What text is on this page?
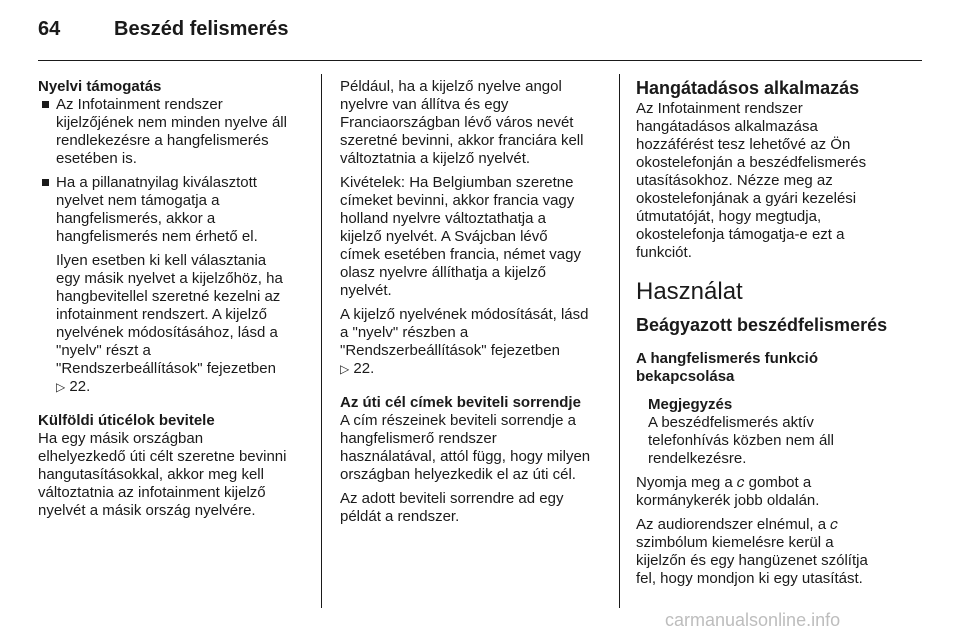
64	Beszéd felismerés
Nyelvi támogatás
Az Infotainment rendszer
kijelzőjének nem minden nyelve áll
rendlekezésre a hangfelismerés
esetében is.
Ha a pillanatnyilag kiválasztott
nyelvet nem támogatja a
hangfelismerés, akkor a
hangfelismerés nem érhető el.
Ilyen esetben ki kell választania
egy másik nyelvet a kijelzőhöz, ha
hangbevitellel szeretné kezelni az
infotainment rendszert. A kijelző
nyelvének módosításához, lásd a
"nyelv" részt a
"Rendszerbeállítások" fejezetben
▷ 22.
Külföldi úticélok bevitele
Ha egy másik országban
elhelyezkedő úti célt szeretne bevinni
hangutasításokkal, akkor meg kell
változtatnia az infotainment kijelző
nyelvét a másik ország nyelvére.
Például, ha a kijelző nyelve angol
nyelvre van állítva és egy
Franciaországban lévő város nevét
szeretné bevinni, akkor franciára kell
változtatnia a kijelző nyelvét.
Kivételek: Ha Belgiumban szeretne
címeket bevinni, akkor francia vagy
holland nyelvre változtathatja a
kijelző nyelvét. A Svájcban lévő
címek esetében francia, német vagy
olasz nyelvre állíthatja a kijelző
nyelvét.
A kijelző nyelvének módosítását, lásd
a "nyelv" részben a
"Rendszerbeállítások" fejezetben
▷ 22.
Az úti cél címek beviteli sorrendje
A cím részeinek beviteli sorrendje a
hangfelismerő rendszer
használatával, attól függ, hogy milyen
országban helyezkedik el az úti cél.
Az adott beviteli sorrendre ad egy
példát a rendszer.
Hangátadásos alkalmazás
Az Infotainment rendszer
hangátadásos alkalmazása
hozzáférést tesz lehetővé az Ön
okostelefonján a beszédfelismerés
utasításokhoz. Nézze meg az
okostelefonjának a gyári kezelési
útmutatóját, hogy megtudja,
okostelefonja támogatja-e ezt a
funkciót.
Használat
Beágyazott beszédfelismerés
A hangfelismerés funkció
bekapcsolása
Megjegyzés
A beszédfelismerés aktív
telefonhívás közben nem áll
rendelkezésre.
Nyomja meg a 𝑐 gombot a
kormánykerék jobb oldalán.
Az audiorendszer elnémul, a 𝑐
szimbólum kiemelésre kerül a
kijelzőn és egy hangüzenet szólítja
fel, hogy mondjon ki egy utasítást.
carmanualsonline.info
